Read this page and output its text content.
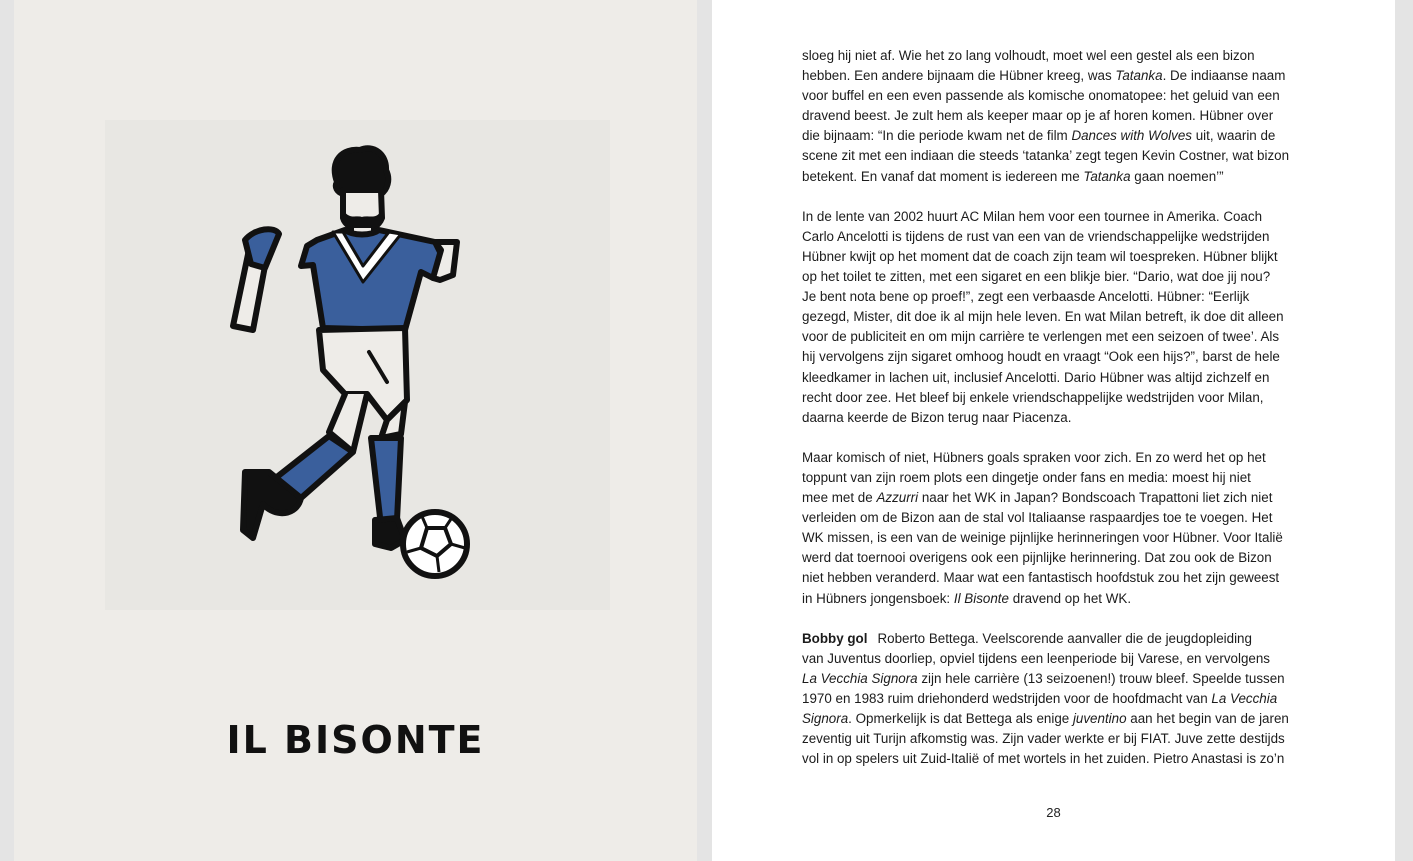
IL BISONTE

sloeg hij niet af. Wie het zo lang volhoudt, moet wel een gestel als een bizon
hebben. Een andere bijnaam die Hübner kreeg, was Tatanka. De indiaanse naam
voor buffel en een even passende als komische onomatopee: het geluid van een
dravend beest. Je zult hem als keeper maar op je af horen komen. Hübner over
die bijnaam: “In die periode kwam net de film Dances with Wolves uit, waarin de
scene zit met een indiaan die steeds ‘tatanka’ zegt tegen Kevin Costner, wat bizon
betekent. En vanaf dat moment is iedereen me Tatanka gaan noemen’”

In de lente van 2002 huurt AC Milan hem voor een tournee in Amerika. Coach
Carlo Ancelotti is tijdens de rust van een van de vriendschappelijke wedstrijden
Hübner kwijt op het moment dat de coach zijn team wil toespreken. Hübner blijkt
op het toilet te zitten, met een sigaret en een blikje bier. “Dario, wat doe jij nou?
Je bent nota bene op proef!”, zegt een verbaasde Ancelotti. Hübner: “Eerlijk
gezegd, Mister, dit doe ik al mijn hele leven. En wat Milan betreft, ik doe dit alleen
voor de publiciteit en om mijn carrière te verlengen met een seizoen of twee’. Als
hij vervolgens zijn sigaret omhoog houdt en vraagt “Ook een hijs?”, barst de hele
kleedkamer in lachen uit, inclusief Ancelotti. Dario Hübner was altijd zichzelf en
recht door zee. Het bleef bij enkele vriendschappelijke wedstrijden voor Milan,
daarna keerde de Bizon terug naar Piacenza.

Maar komisch of niet, Hübners goals spraken voor zich. En zo werd het op het
toppunt van zijn roem plots een dingetje onder fans en media: moest hij niet
mee met de Azzurri naar het WK in Japan? Bondscoach Trapattoni liet zich niet
verleiden om de Bizon aan de stal vol Italiaanse raspaardjes toe te voegen. Het
WK missen, is een van de weinige pijnlijke herinneringen voor Hübner. Voor Italië
werd dat toernooi overigens ook een pijnlijke herinnering. Dat zou ook de Bizon
niet hebben veranderd. Maar wat een fantastisch hoofdstuk zou het zijn geweest
in Hübners jongensboek: Il Bisonte dravend op het WK.

Bobby gol Roberto Bettega. Veelscorende aanvaller die de jeugdopleiding
van Juventus doorliep, opviel tijdens een leenperiode bij Varese, en vervolgens
La Vecchia Signora zijn hele carrière (13 seizoenen!) trouw bleef. Speelde tussen
1970 en 1983 ruim driehonderd wedstrijden voor de hoofdmacht van La Vecchia
Signora. Opmerkelijk is dat Bettega als enige juventino aan het begin van de jaren
zeventig uit Turijn afkomstig was. Zijn vader werkte er bij FIAT. Juve zette destijds
vol in op spelers uit Zuid-Italië of met wortels in het zuiden. Pietro Anastasi is zo’n

28
